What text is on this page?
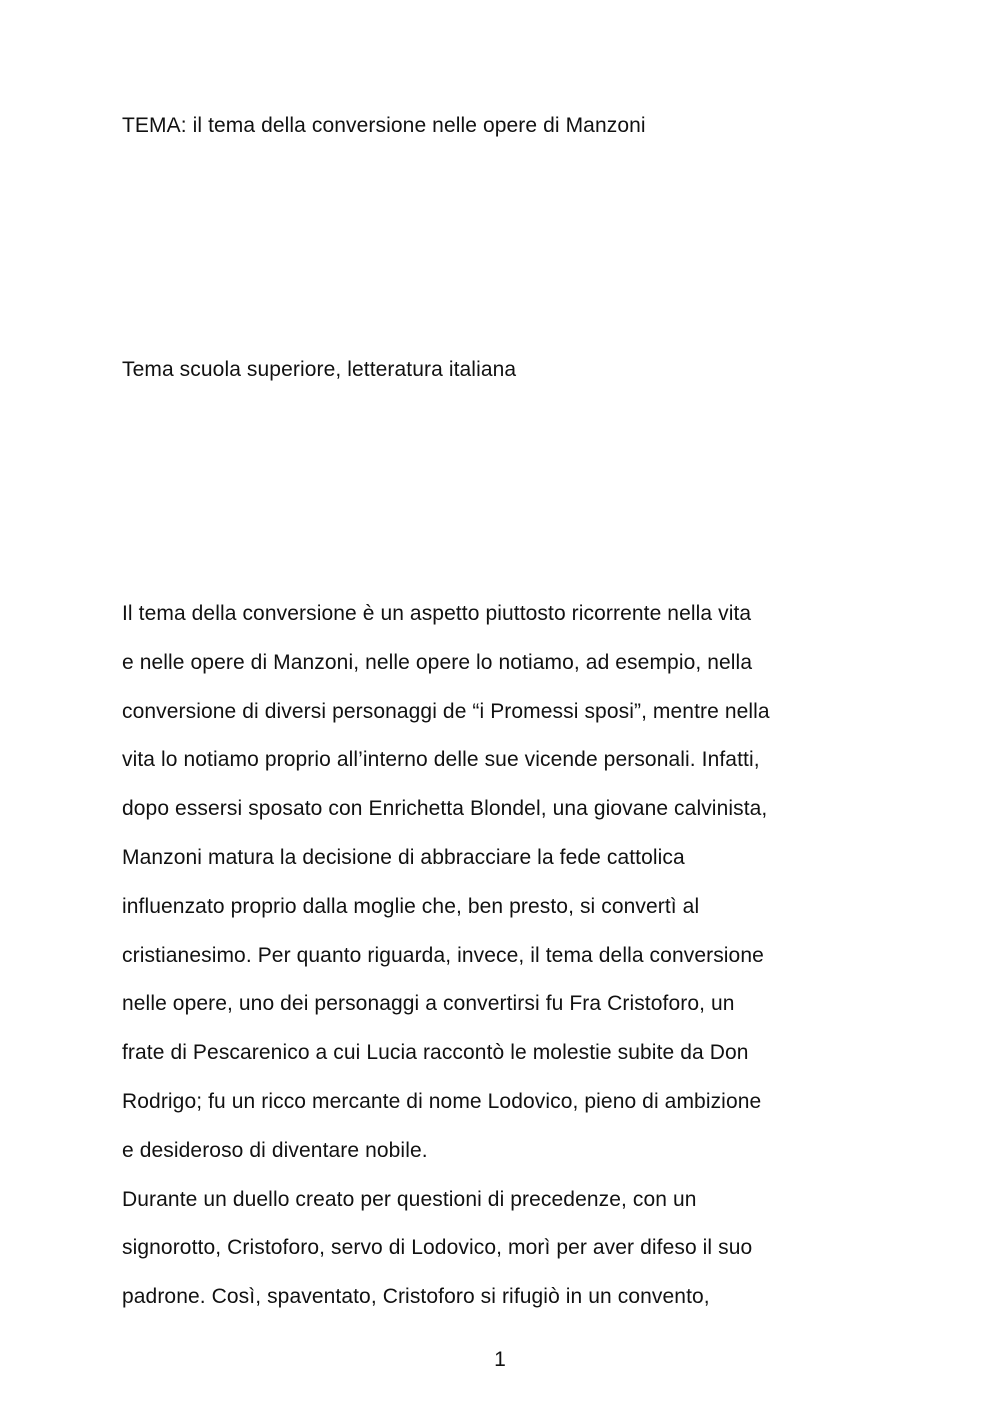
TEMA: il tema della conversione nelle opere di Manzoni
Tema scuola superiore, letteratura italiana
Il tema della conversione è un aspetto piuttosto ricorrente nella vita
e nelle opere di Manzoni, nelle opere lo notiamo, ad esempio, nella
conversione di diversi personaggi de “i Promessi sposi”, mentre nella
vita lo notiamo proprio all’interno delle sue vicende personali. Infatti,
dopo essersi sposato con Enrichetta Blondel, una giovane calvinista,
Manzoni matura la decisione di abbracciare la fede cattolica
influenzato proprio dalla moglie che, ben presto, si convertì al
cristianesimo. Per quanto riguarda, invece, il tema della conversione
nelle opere, uno dei personaggi a convertirsi fu Fra Cristoforo, un
frate di Pescarenico a cui Lucia raccontò le molestie subite da Don
Rodrigo; fu un ricco mercante di nome Lodovico, pieno di ambizione
e desideroso di diventare nobile.
Durante un duello creato per questioni di precedenze, con un
signorotto, Cristoforo, servo di Lodovico, morì per aver difeso il suo
padrone. Così, spaventato, Cristoforo si rifugiò in un convento,
1
